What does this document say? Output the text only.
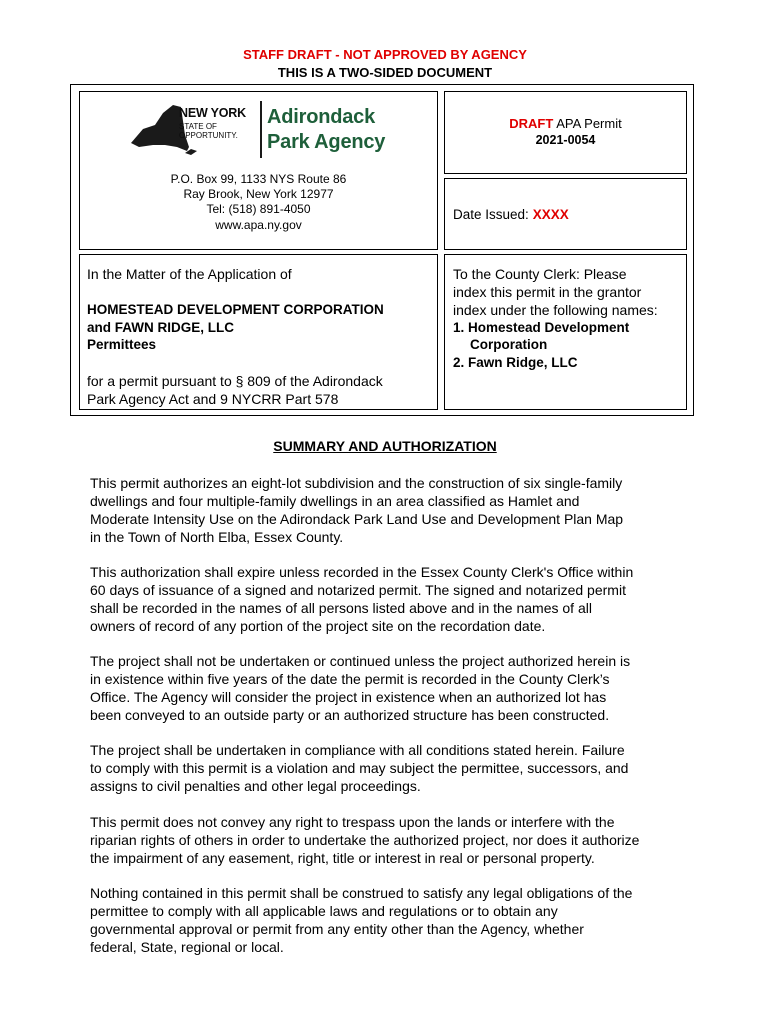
STAFF DRAFT - NOT APPROVED BY AGENCY
THIS IS A TWO-SIDED DOCUMENT
NEW YORK
STATE OF
OPPORTUNITY.
Adirondack
Park Agency
P.O. Box 99, 1133 NYS Route 86
Ray Brook, New York 12977
Tel: (518) 891-4050
www.apa.ny.gov
DRAFT APA Permit
2021-0054
Date Issued: XXXX
In the Matter of the Application of
HOMESTEAD DEVELOPMENT CORPORATION
and FAWN RIDGE, LLC
Permittees
for a permit pursuant to § 809 of the Adirondack
Park Agency Act and 9 NYCRR Part 578
To the County Clerk: Please
index this permit in the grantor
index under the following names:
1. Homestead Development
Corporation
2. Fawn Ridge, LLC
SUMMARY AND AUTHORIZATION

This permit authorizes an eight-lot subdivision and the construction of six single-family

dwellings and four multiple-family dwellings in an area classified as Hamlet and

Moderate Intensity Use on the Adirondack Park Land Use and Development Plan Map

in the Town of North Elba, Essex County.

This authorization shall expire unless recorded in the Essex County Clerk's Office within

60 days of issuance of a signed and notarized permit. The signed and notarized permit

shall be recorded in the names of all persons listed above and in the names of all

owners of record of any portion of the project site on the recordation date.

The project shall not be undertaken or continued unless the project authorized herein is

in existence within five years of the date the permit is recorded in the County Clerk’s

Office. The Agency will consider the project in existence when an authorized lot has

been conveyed to an outside party or an authorized structure has been constructed.

The project shall be undertaken in compliance with all conditions stated herein. Failure

to comply with this permit is a violation and may subject the permittee, successors, and

assigns to civil penalties and other legal proceedings.

This permit does not convey any right to trespass upon the lands or interfere with the

riparian rights of others in order to undertake the authorized project, nor does it authorize

the impairment of any easement, right, title or interest in real or personal property.

Nothing contained in this permit shall be construed to satisfy any legal obligations of the

permittee to comply with all applicable laws and regulations or to obtain any

governmental approval or permit from any entity other than the Agency, whether

federal, State, regional or local.
